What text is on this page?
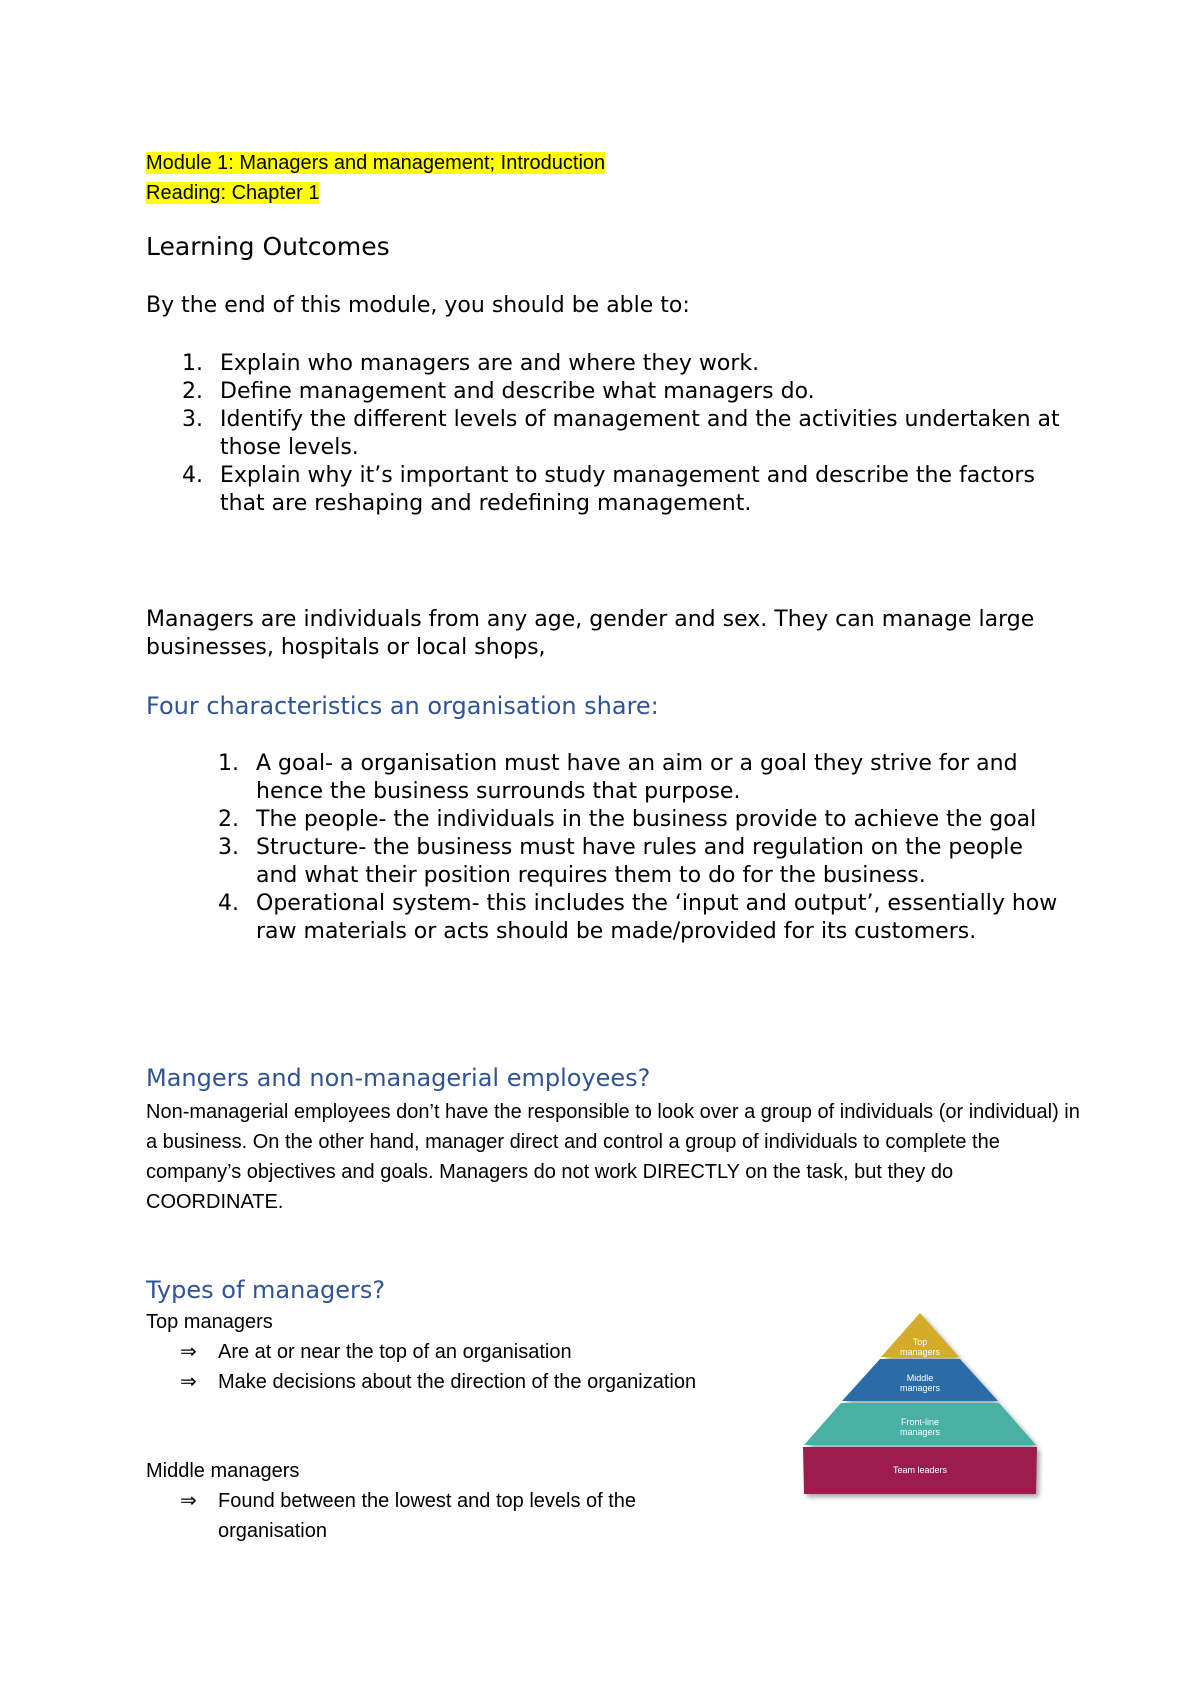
Module 1: Managers and management; Introduction
Reading: Chapter 1
Learning Outcomes
By the end of this module, you should be able to:
1. Explain who managers are and where they work.
2. Define management and describe what managers do.
3. Identify the different levels of management and the activities undertaken at those levels.
4. Explain why it’s important to study management and describe the factors that are reshaping and redefining management.
Managers are individuals from any age, gender and sex. They can manage large businesses, hospitals or local shops,
Four characteristics an organisation share:
1. A goal- a organisation must have an aim or a goal they strive for and hence the business surrounds that purpose.
2. The people- the individuals in the business provide to achieve the goal
3. Structure- the business must have rules and regulation on the people and what their position requires them to do for the business.
4. Operational system- this includes the ‘input and output’, essentially how raw materials or acts should be made/provided for its customers.
Mangers and non-managerial employees?
Non-managerial employees don’t have the responsible to look over a group of individuals (or individual) in a business. On the other hand, manager direct and control a group of individuals to complete the company’s objectives and goals. Managers do not work DIRECTLY on the task, but they do COORDINATE.
Types of managers?
Top managers
⇒ Are at or near the top of an organisation
⇒ Make decisions about the direction of the organization
Middle managers
⇒ Found between the lowest and top levels of the organisation
Top
managers
Middle
managers
Front-line
managers
Team leaders
